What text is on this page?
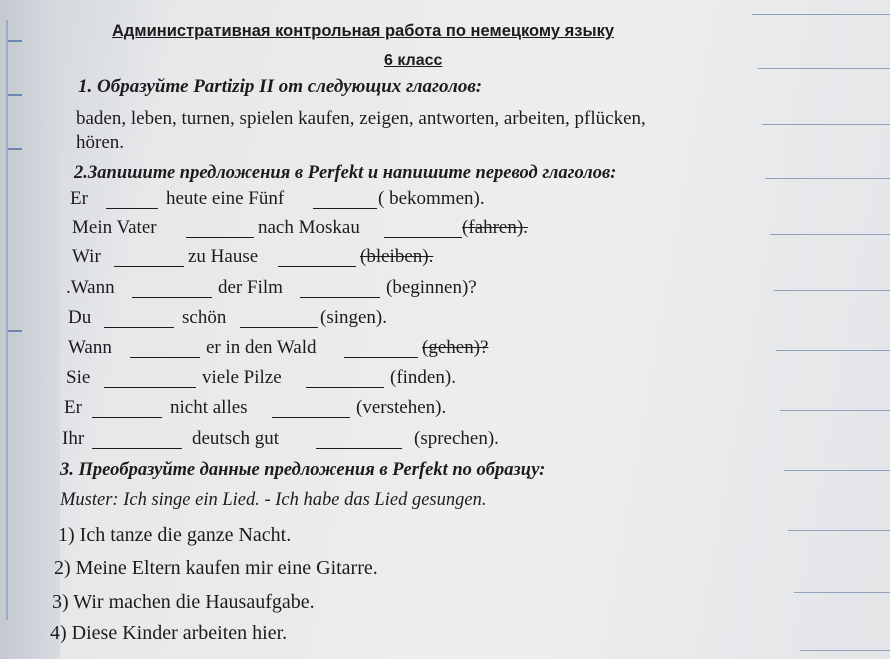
Административная контрольная работа по немецкому языку
6 класс
1. Образуйте Partizip II от следующих глаголов:
baden, leben, turnen, spielen kaufen, zeigen, antworten, arbeiten, pflücken,
hören.
2.Запишите предложения в Perfekt и напишите перевод глаголов:
Er	heute eine Fünf	( bekommen).
Mein Vater	nach Moskau	(fahren).
Wir	zu Hause	(bleiben).
.Wann	der Film	(beginnen)?
Du	schön	(singen).
Wann	er in den Wald	(gehen)?
Sie	viele Pilze	(finden).
Er	nicht alles	(verstehen).
Ihr	deutsch gut	(sprechen).
3. Преобразуйте данные предложения в Perfekt по образцу:
Muster: Ich singe ein Lied. - Ich habe das Lied gesungen.
1) Ich tanze die ganze Nacht.
2) Meine Eltern kaufen mir eine Gitarre.
3) Wir machen die Hausaufgabe.
4) Diese Kinder arbeiten hier.
